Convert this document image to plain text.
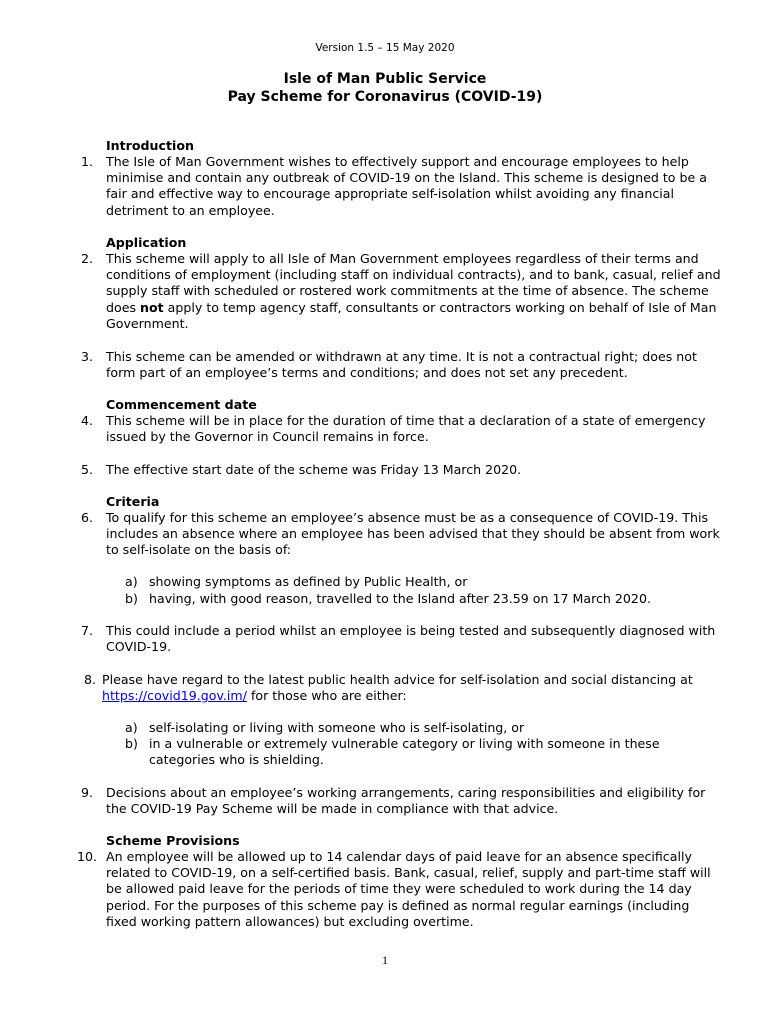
Version 1.5 – 15 May 2020
Isle of Man Public Service
Pay Scheme for Coronavirus (COVID-19)
Introduction
1. The Isle of Man Government wishes to effectively support and encourage employees to help minimise and contain any outbreak of COVID-19 on the Island. This scheme is designed to be a fair and effective way to encourage appropriate self-isolation whilst avoiding any financial detriment to an employee.
Application
2. This scheme will apply to all Isle of Man Government employees regardless of their terms and conditions of employment (including staff on individual contracts), and to bank, casual, relief and supply staff with scheduled or rostered work commitments at the time of absence. The scheme does not apply to temp agency staff, consultants or contractors working on behalf of Isle of Man Government.
3. This scheme can be amended or withdrawn at any time. It is not a contractual right; does not form part of an employee’s terms and conditions; and does not set any precedent.
Commencement date
4. This scheme will be in place for the duration of time that a declaration of a state of emergency issued by the Governor in Council remains in force.
5. The effective start date of the scheme was Friday 13 March 2020.
Criteria
6. To qualify for this scheme an employee’s absence must be as a consequence of COVID-19. This includes an absence where an employee has been advised that they should be absent from work to self-isolate on the basis of:
a) showing symptoms as defined by Public Health, or
b) having, with good reason, travelled to the Island after 23.59 on 17 March 2020.
7. This could include a period whilst an employee is being tested and subsequently diagnosed with COVID-19.
8. Please have regard to the latest public health advice for self-isolation and social distancing at https://covid19.gov.im/ for those who are either:
a) self-isolating or living with someone who is self-isolating, or
b) in a vulnerable or extremely vulnerable category or living with someone in these categories who is shielding.
9. Decisions about an employee’s working arrangements, caring responsibilities and eligibility for the COVID-19 Pay Scheme will be made in compliance with that advice.
Scheme Provisions
10. An employee will be allowed up to 14 calendar days of paid leave for an absence specifically related to COVID-19, on a self-certified basis. Bank, casual, relief, supply and part-time staff will be allowed paid leave for the periods of time they were scheduled to work during the 14 day period. For the purposes of this scheme pay is defined as normal regular earnings (including fixed working pattern allowances) but excluding overtime.
1
